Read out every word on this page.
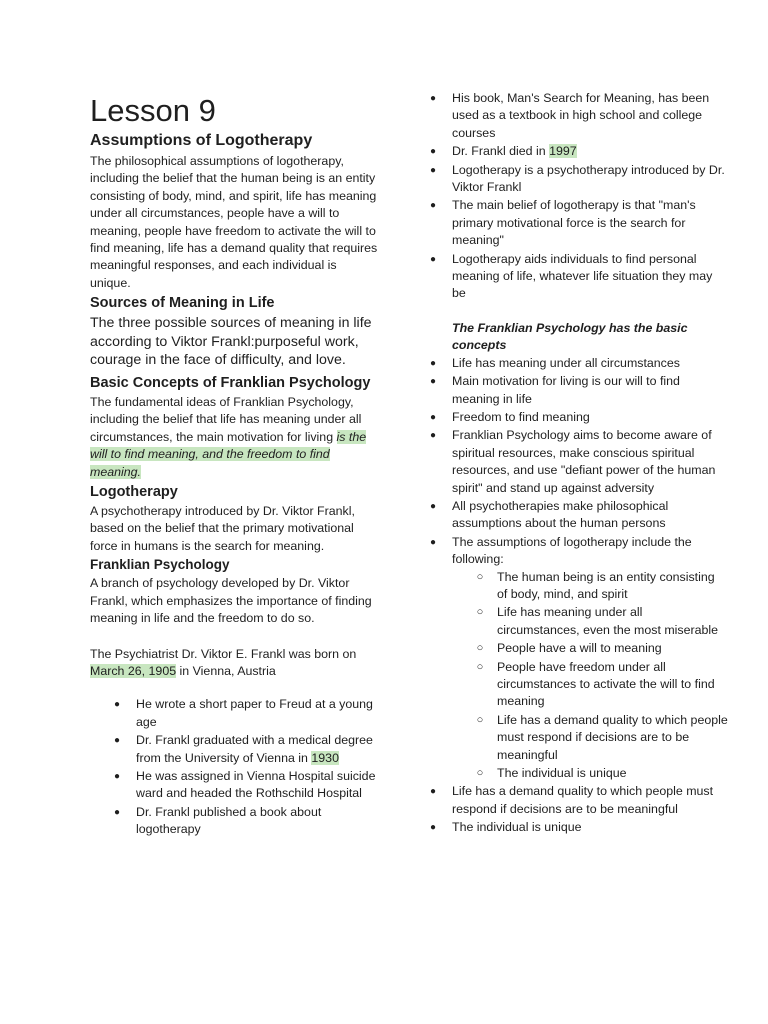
Lesson 9
Assumptions of Logotherapy

The philosophical assumptions of logotherapy, including the belief that the human being is an entity consisting of body, mind, and spirit, life has meaning under all circumstances, people have a will to meaning, people have freedom to activate the will to find meaning, life has a demand quality that requires meaningful responses, and each individual is unique.

Sources of Meaning in Life

The three possible sources of meaning in life according to Viktor Frankl:purposeful work, courage in the face of difficulty, and love.

Basic Concepts of Franklian Psychology

The fundamental ideas of Franklian Psychology, including the belief that life has meaning under all circumstances, the main motivation for living is the will to find meaning, and the freedom to find meaning.

Logotherapy

A psychotherapy introduced by Dr. Viktor Frankl, based on the belief that the primary motivational force in humans is the search for meaning.

Franklian Psychology

A branch of psychology developed by Dr. Viktor Frankl, which emphasizes the importance of finding meaning in life and the freedom to do so.

The Psychiatrist Dr. Viktor E. Frankl was born on March 26, 1905 in Vienna, Austria

● He wrote a short paper to Freud at a young age
● Dr. Frankl graduated with a medical degree from the University of Vienna in 1930
● He was assigned in Vienna Hospital suicide ward and headed the Rothschild Hospital
● Dr. Frankl published a book about logotherapy
● His book, Man's Search for Meaning, has been used as a textbook in high school and college courses
● Dr. Frankl died in 1997
● Logotherapy is a psychotherapy introduced by Dr. Viktor Frankl
● The main belief of logotherapy is that "man's primary motivational force is the search for meaning"
● Logotherapy aids individuals to find personal meaning of life, whatever life situation they may be

The Franklian Psychology has the basic concepts

● Life has meaning under all circumstances
● Main motivation for living is our will to find meaning in life
● Freedom to find meaning
● Franklian Psychology aims to become aware of spiritual resources, make conscious spiritual resources, and use "defiant power of the human spirit" and stand up against adversity
● All psychotherapies make philosophical assumptions about the human persons
● The assumptions of logotherapy include the following:
○ The human being is an entity consisting of body, mind, and spirit
○ Life has meaning under all circumstances, even the most miserable
○ People have a will to meaning
○ People have freedom under all circumstances to activate the will to find meaning
○ Life has a demand quality to which people must respond if decisions are to be meaningful
○ The individual is unique
● Life has a demand quality to which people must respond if decisions are to be meaningful
● The individual is unique
